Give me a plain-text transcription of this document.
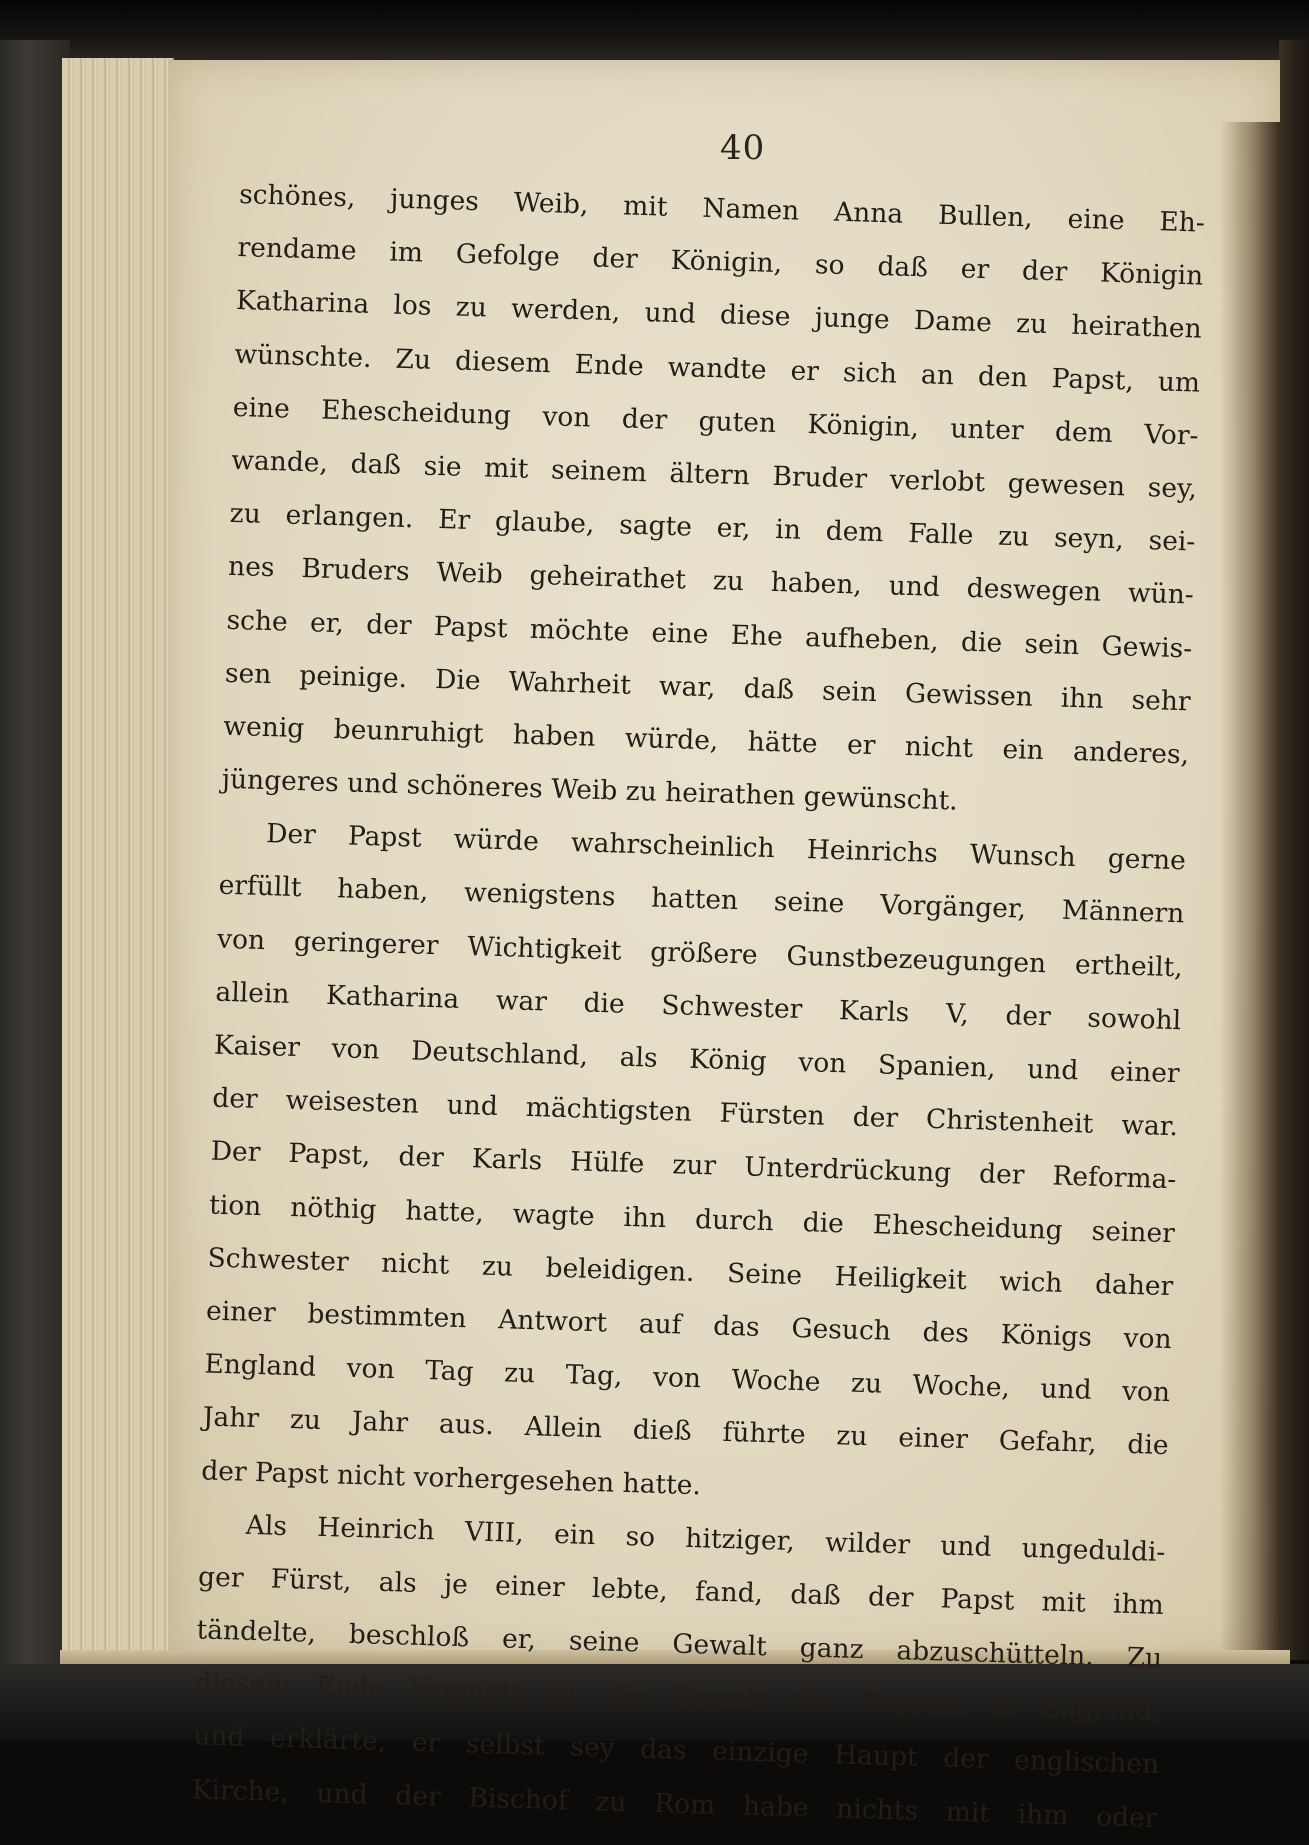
40
schönes, junges Weib, mit Namen Anna Bullen, eine Eh-
rendame im Gefolge der Königin, so daß er der Königin
Katharina los zu werden, und diese junge Dame zu heirathen
wünschte. Zu diesem Ende wandte er sich an den Papst, um
eine Ehescheidung von der guten Königin, unter dem Vor-
wande, daß sie mit seinem ältern Bruder verlobt gewesen sey,
zu erlangen. Er glaube, sagte er, in dem Falle zu seyn, sei-
nes Bruders Weib geheirathet zu haben, und deswegen wün-
sche er, der Papst möchte eine Ehe aufheben, die sein Gewis-
sen peinige. Die Wahrheit war, daß sein Gewissen ihn sehr
wenig beunruhigt haben würde, hätte er nicht ein anderes,
jüngeres und schöneres Weib zu heirathen gewünscht.
Der Papst würde wahrscheinlich Heinrichs Wunsch gerne
erfüllt haben, wenigstens hatten seine Vorgänger, Männern
von geringerer Wichtigkeit größere Gunstbezeugungen ertheilt,
allein Katharina war die Schwester Karls V, der sowohl
Kaiser von Deutschland, als König von Spanien, und einer
der weisesten und mächtigsten Fürsten der Christenheit war.
Der Papst, der Karls Hülfe zur Unterdrückung der Reforma-
tion nöthig hatte, wagte ihn durch die Ehescheidung seiner
Schwester nicht zu beleidigen. Seine Heiligkeit wich daher
einer bestimmten Antwort auf das Gesuch des Königs von
England von Tag zu Tag, von Woche zu Woche, und von
Jahr zu Jahr aus. Allein dieß führte zu einer Gefahr, die
der Papst nicht vorhergesehen hatte.
Als Heinrich VIII, ein so hitziger, wilder und ungeduldi-
ger Fürst, als je einer lebte, fand, daß der Papst mit ihm
tändelte, beschloß er, seine Gewalt ganz abzuschütteln. Zu
diesem Ende läugnete er die Gewalt des Papstes in England,
und erklärte, er selbst sey das einzige Haupt der englischen
Kirche, und der Bischof zu Rom habe nichts mit ihm oder
